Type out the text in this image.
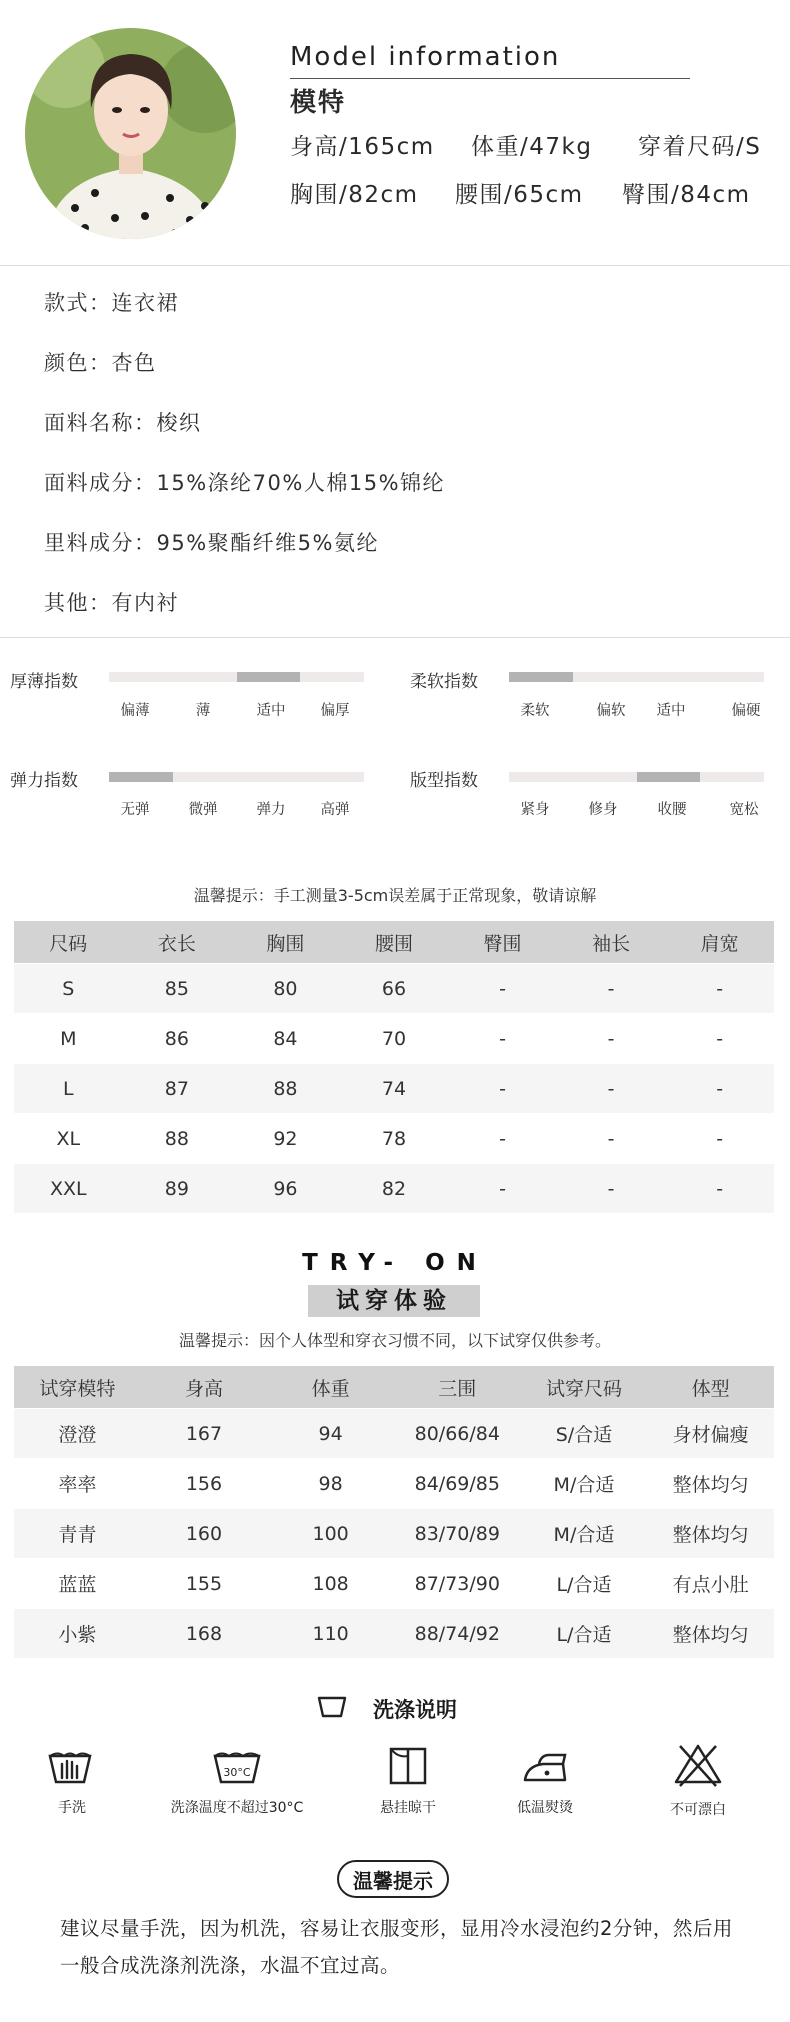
Model information
模特
身高/165cm 体重/47kg 穿着尺码/S
胸围/82cm 腰围/65cm 臀围/84cm
款式：连衣裙
颜色：杏色
面料名称：梭织
面料成分：15%涤纶70%人棉15%锦纶
里料成分：95%聚酯纤维5%氨纶
其他：有内衬
厚薄指数
偏薄	薄	适中	偏厚
柔软指数
柔软	偏软	适中	偏硬
弹力指数
无弹	微弹	弹力	高弹
版型指数
紧身	修身	收腰	宽松
温馨提示：手工测量3-5cm误差属于正常现象，敬请谅解
尺码	衣长	胸围	腰围	臀围	袖长	肩宽
S	85	80	66	-	-	-
M	86	84	70	-	-	-
L	87	88	74	-	-	-
XL	88	92	78	-	-	-
XXL	89	96	82	-	-	-
TRY- ON
试穿体验
温馨提示：因个人体型和穿衣习惯不同，以下试穿仅供参考。
试穿模特	身高	体重	三围	试穿尺码	体型
澄澄	167	94	80/66/84	S/合适	身材偏瘦
率率	156	98	84/69/85	M/合适	整体均匀
青青	160	100	83/70/89	M/合适	整体均匀
蓝蓝	155	108	87/73/90	L/合适	有点小肚
小紫	168	110	88/74/92	L/合适	整体均匀
洗涤说明
手洗
30°C
洗涤温度不超过30°C	悬挂晾干	低温熨烫	不可漂白
温馨提示
建议尽量手洗，因为机洗，容易让衣服变形，显用冷水浸泡约2分钟，然后用一般合成洗涤剂洗涤，水温不宜过高。
